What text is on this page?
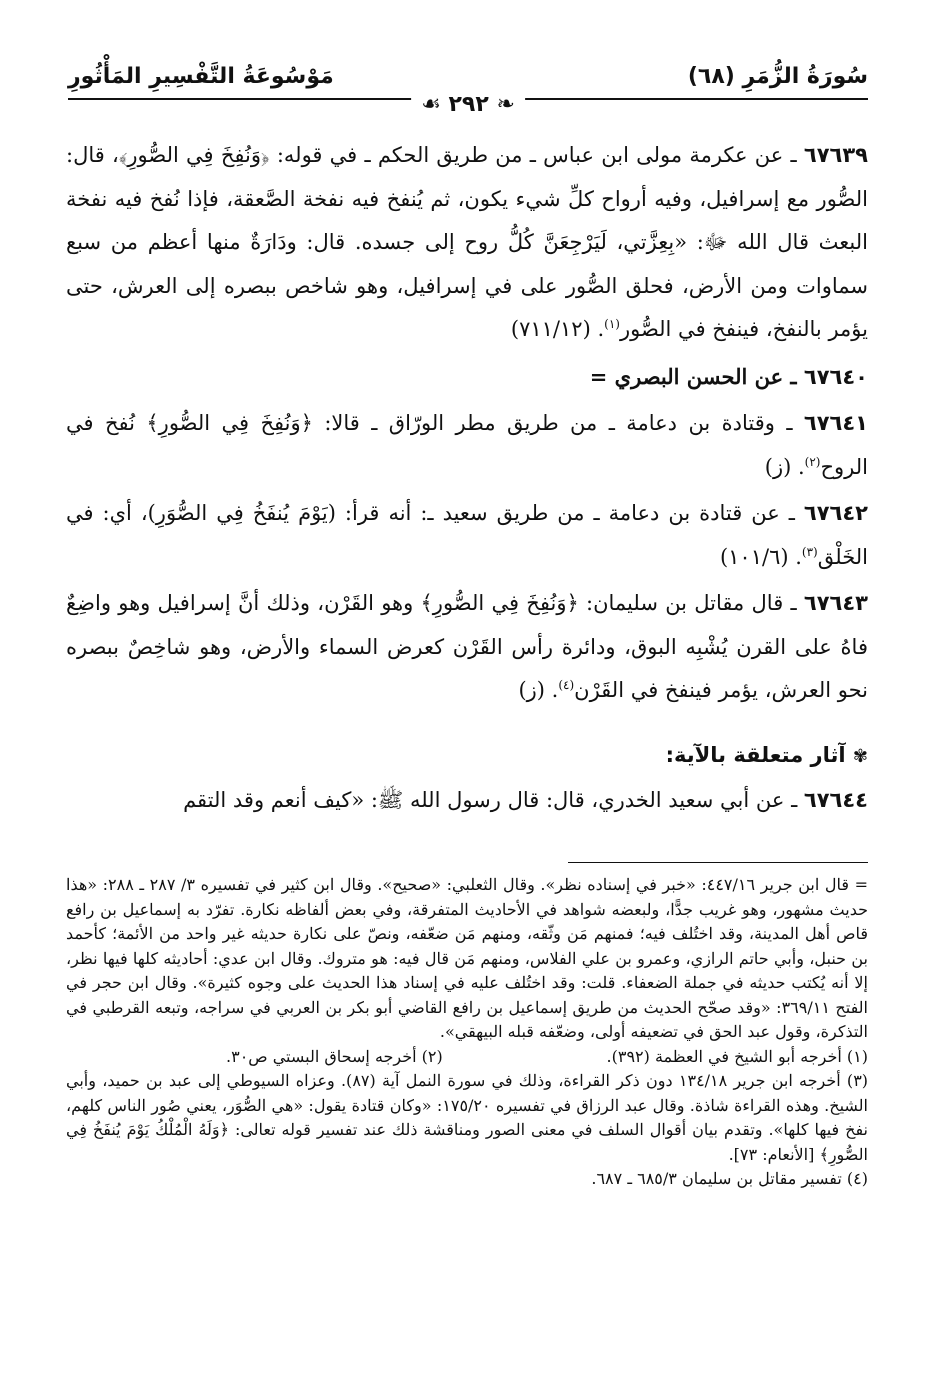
سُورَةُ الزُّمَرِ (٦٨)
مَوْسُوعَةُ التَّفْسِيرِ المَأْثُورِ
❧ ٢٩٢ ☙

٦٧٦٣٩ ـ عن عكرمة مولى ابن عباس ـ من طريق الحكم ـ في قوله: ﴿وَنُفِخَ فِي الصُّورِ﴾، قال: الصُّور مع إسرافيل، وفيه أرواح كلِّ شيء يكون، ثم يُنفخ فيه نفخة الصَّعقة، فإذا نُفخ فيه نفخة البعث قال الله ﷻ: «بِعِزَّتي، لَيَرْجِعَنَّ كُلُّ روح إلى جسده. قال: ودَارَةٌ منها أعظم من سبع سماوات ومن الأرض، فحلق الصُّور على في إسرافيل، وهو شاخص ببصره إلى العرش، حتى يؤمر بالنفخ، فينفخ في الصُّور$^{(١)}$. (٧١١/١٢)

٦٧٦٤٠ ـ عن الحسن البصري =

٦٧٦٤١ ـ وقتادة بن دعامة ـ من طريق مطر الورّاق ـ قالا: ﴿وَنُفِخَ فِي الصُّورِ﴾ نُفخ في الروح$^{(٢)}$. (ز)

٦٧٦٤٢ ـ عن قتادة بن دعامة ـ من طريق سعيد ـ: أنه قرأ: (يَوْمَ يُنفَخُ فِي الصُّوَرِ)، أي: في الخَلْق$^{(٣)}$. (١٠١/٦)

٦٧٦٤٣ ـ قال مقاتل بن سليمان: ﴿وَنُفِخَ فِي الصُّورِ﴾ وهو القَرْن، وذلك أنَّ إسرافيل وهو واضِعٌ فاهُ على القرن يُشْبِه البوق، ودائرة رأس القَرْن كعرض السماء والأرض، وهو شاخِصٌ ببصره نحو العرش، يؤمر فينفخ في القَرْن$^{(٤)}$. (ز)

✾ آثار متعلقة بالآية:

٦٧٦٤٤ ـ عن أبي سعيد الخدري، قال: قال رسول الله ﷺ: «كيف أنعم وقد التقم

= قال ابن جرير ٤٤٧/١٦: «خبر في إسناده نظر». وقال الثعلبي: «صحيح». وقال ابن كثير في تفسيره ٣/ ٢٨٧ ـ ٢٨٨: «هذا حديث مشهور، وهو غريب جدًّا، ولبعضه شواهد في الأحاديث المتفرقة، وفي بعض ألفاظه نكارة. تفرّد به إسماعيل بن رافع قاص أهل المدينة، وقد اختُلف فيه؛ فمنهم مَن وثّقه، ومنهم مَن ضعّفه، ونصّ على نكارة حديثه غير واحد من الأئمة؛ كأحمد بن حنبل، وأبي حاتم الرازي، وعمرو بن علي الفلاس، ومنهم مَن قال فيه: هو متروك. وقال ابن عدي: أحاديثه كلها فيها نظر، إلا أنه يُكتب حديثه في جملة الضعفاء. قلت: وقد اختُلف عليه في إسناد هذا الحديث على وجوه كثيرة». وقال ابن حجر في الفتح ٣٦٩/١١: «وقد صحّح الحديث من طريق إسماعيل بن رافع القاضي أبو بكر بن العربي في سراجه، وتبعه القرطبي في التذكرة، وقول عبد الحق في تضعيفه أولى، وضعّفه قبله البيهقي».

(١) أخرجه أبو الشيخ في العظمة (٣٩٢).
(٢) أخرجه إسحاق البستي ص٣٠.

(٣) أخرجه ابن جرير ١٣٤/١٨ دون ذكر القراءة، وذلك في سورة النمل آية (٨٧). وعزاه السيوطي إلى عبد بن حميد، وأبي الشيخ. وهذه القراءة شاذة. وقال عبد الرزاق في تفسيره ١٧٥/٢٠: «وكان قتادة يقول: «هي الصُّوَر، يعني صُور الناس كلهم، نفخ فيها كلها». وتقدم بيان أقوال السلف في معنى الصور ومناقشة ذلك عند تفسير قوله تعالى: ﴿وَلَهُ الْمُلْكُ يَوْمَ يُنفَخُ فِي الصُّورِ﴾ [الأنعام: ٧٣].

(٤) تفسير مقاتل بن سليمان ٦٨٥/٣ ـ ٦٨٧.
